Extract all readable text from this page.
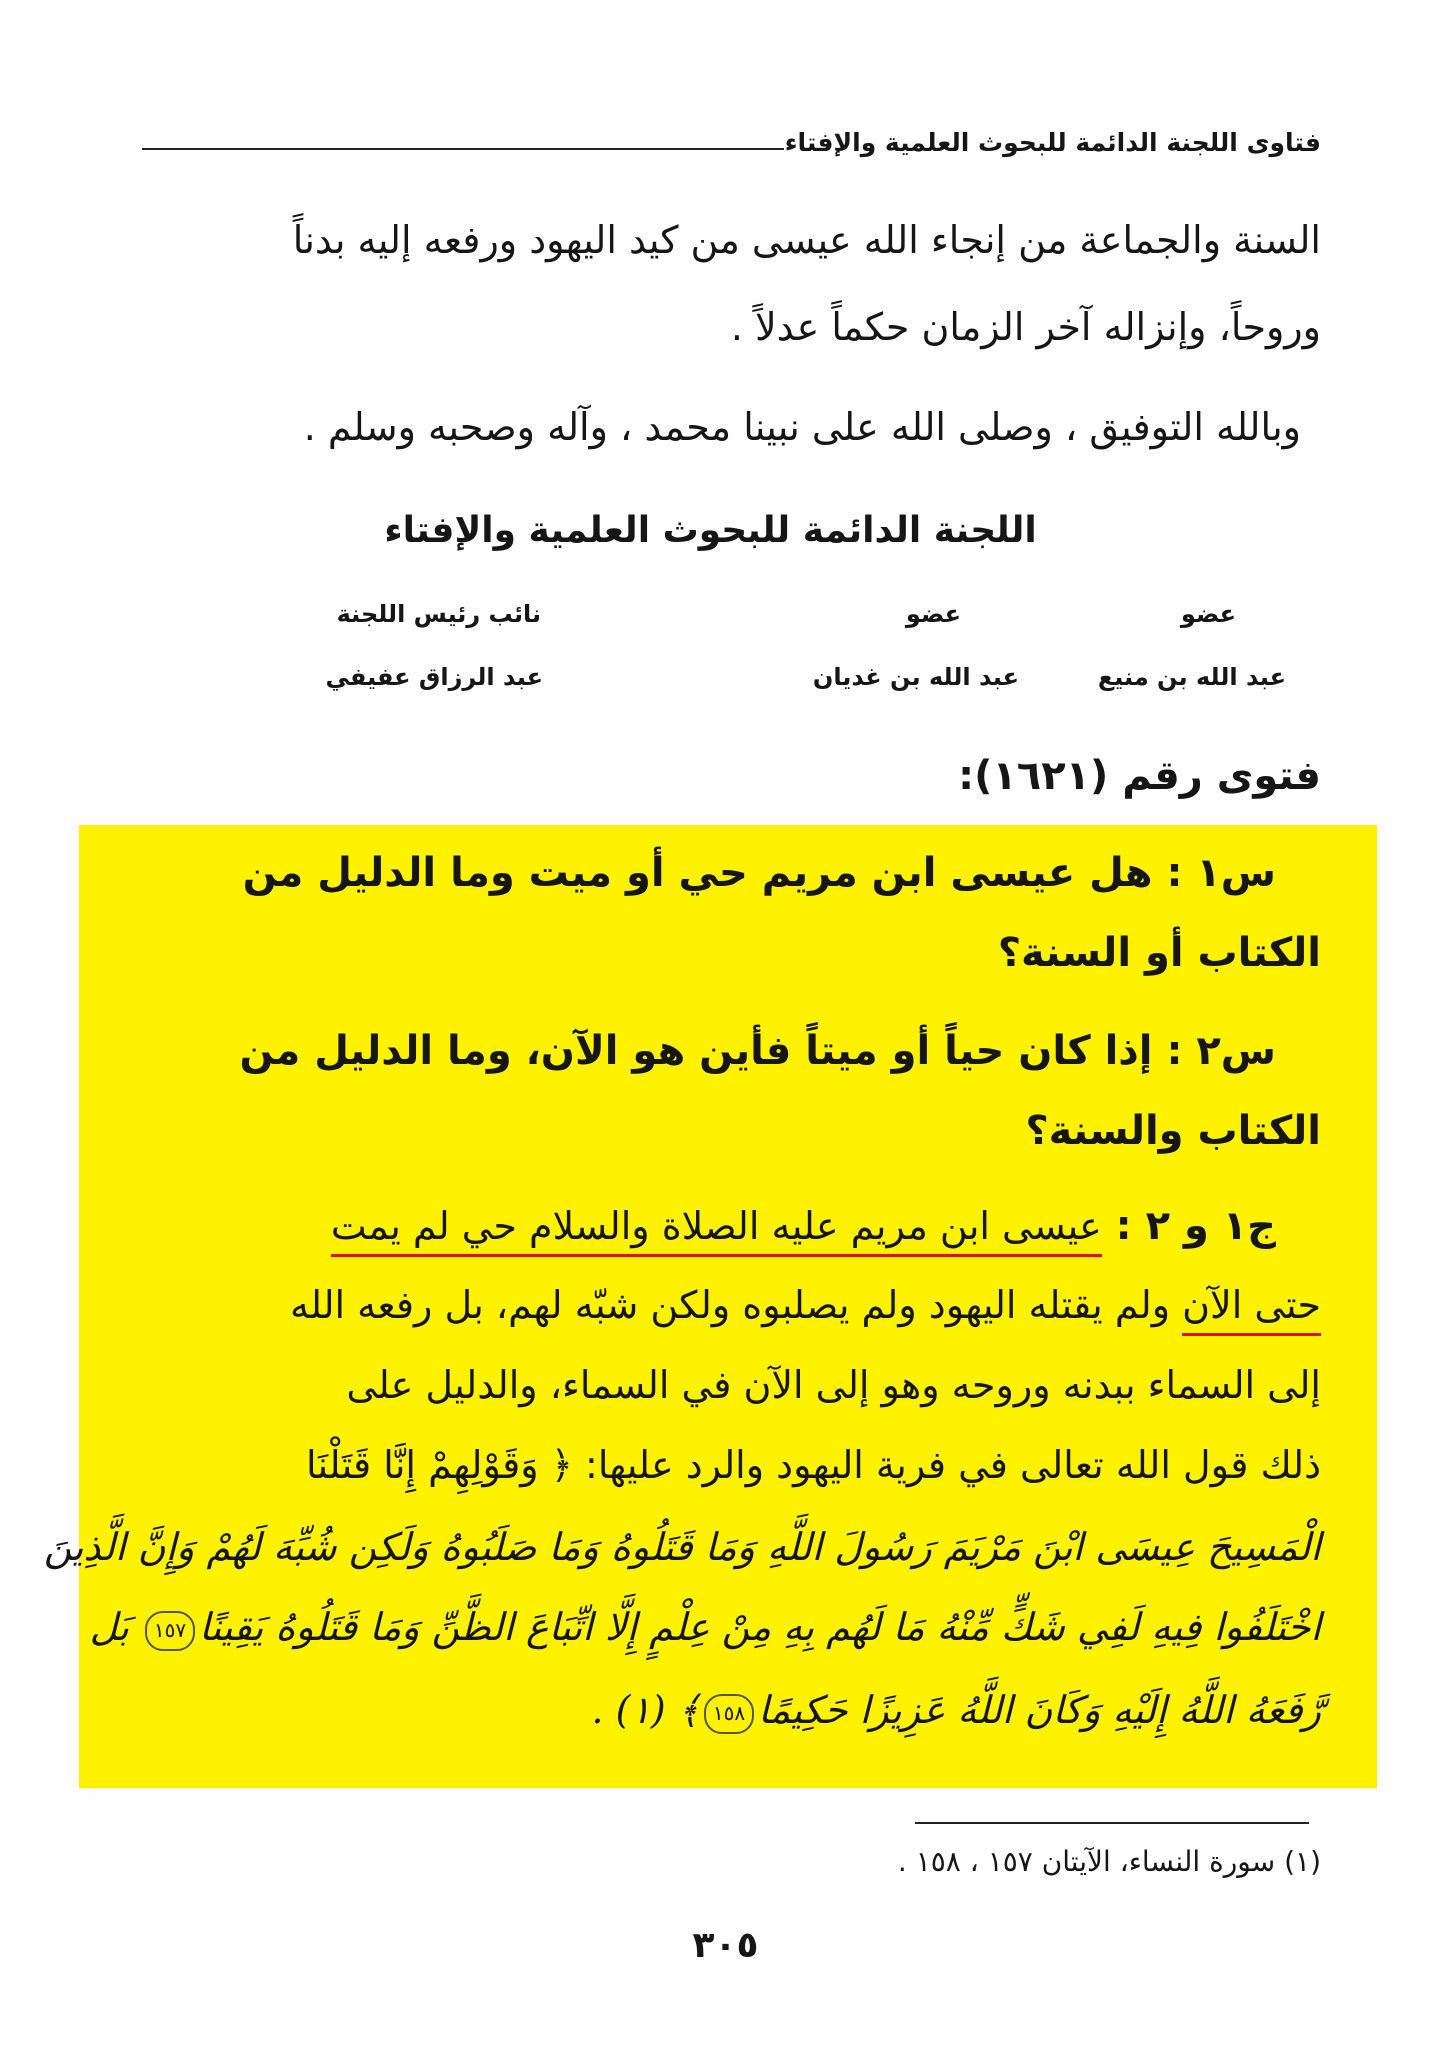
فتاوى اللجنة الدائمة للبحوث العلمية والإفتاء
السنة والجماعة من إنجاء الله عيسى من كيد اليهود ورفعه إليه بدناً
وروحاً، وإنزاله آخر الزمان حكماً عدلاً .
وبالله التوفيق ، وصلى الله على نبينا محمد ، وآله وصحبه وسلم .
اللجنة الدائمة للبحوث العلمية والإفتاء
عضو
عبد الله بن منيع
عضو
عبد الله بن غديان
نائب رئيس اللجنة
عبد الرزاق عفيفي
فتوى رقم (١٦٢١):
س١ : هل عيسى ابن مريم حي أو ميت وما الدليل من
الكتاب أو السنة؟
س٢ : إذا كان حياً أو ميتاً فأين هو الآن، وما الدليل من
الكتاب والسنة؟
ج١ و ٢ : عيسى ابن مريم عليه الصلاة والسلام حي لم يمت
حتى الآن ولم يقتله اليهود ولم يصلبوه ولكن شبّه لهم، بل رفعه الله
إلى السماء ببدنه وروحه وهو إلى الآن في السماء، والدليل على
ذلك قول الله تعالى في فرية اليهود والرد عليها: ﴿ وَقَوْلِهِمْ إِنَّا قَتَلْنَا
الْمَسِيحَ عِيسَى ابْنَ مَرْيَمَ رَسُولَ اللَّهِ وَمَا قَتَلُوهُ وَمَا صَلَبُوهُ وَلَكِن شُبِّهَ لَهُمْ وَإِنَّ الَّذِينَ
اخْتَلَفُوا فِيهِ لَفِي شَكٍّ مِّنْهُ مَا لَهُم بِهِ مِنْ عِلْمٍ إِلَّا اتِّبَاعَ الظَّنِّ وَمَا قَتَلُوهُ يَقِينًا١٥٧ بَل
رَّفَعَهُ اللَّهُ إِلَيْهِ وَكَانَ اللَّهُ عَزِيزًا حَكِيمًا١٥٨﴾ (١) .
(١) سورة النساء، الآيتان ١٥٧ ، ١٥٨ .
٣٠٥
